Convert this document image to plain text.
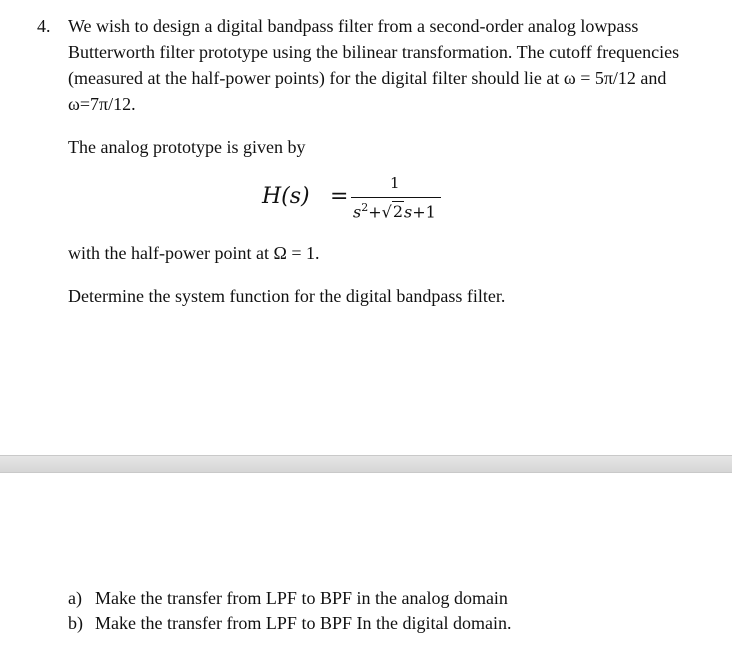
4. We wish to design a digital bandpass filter from a second-order analog lowpass
Butterworth filter prototype using the bilinear transformation. The cutoff frequencies
(measured at the half-power points) for the digital filter should lie at ω = 5π/12 and
ω=7π/12.
The analog prototype is given by
H(s) =
1
$s^2+√2s+1$
with the half-power point at Ω = 1.
Determine the system function for the digital bandpass filter.
a) Make the transfer from LPF to BPF in the analog domain
b) Make the transfer from LPF to BPF In the digital domain.
